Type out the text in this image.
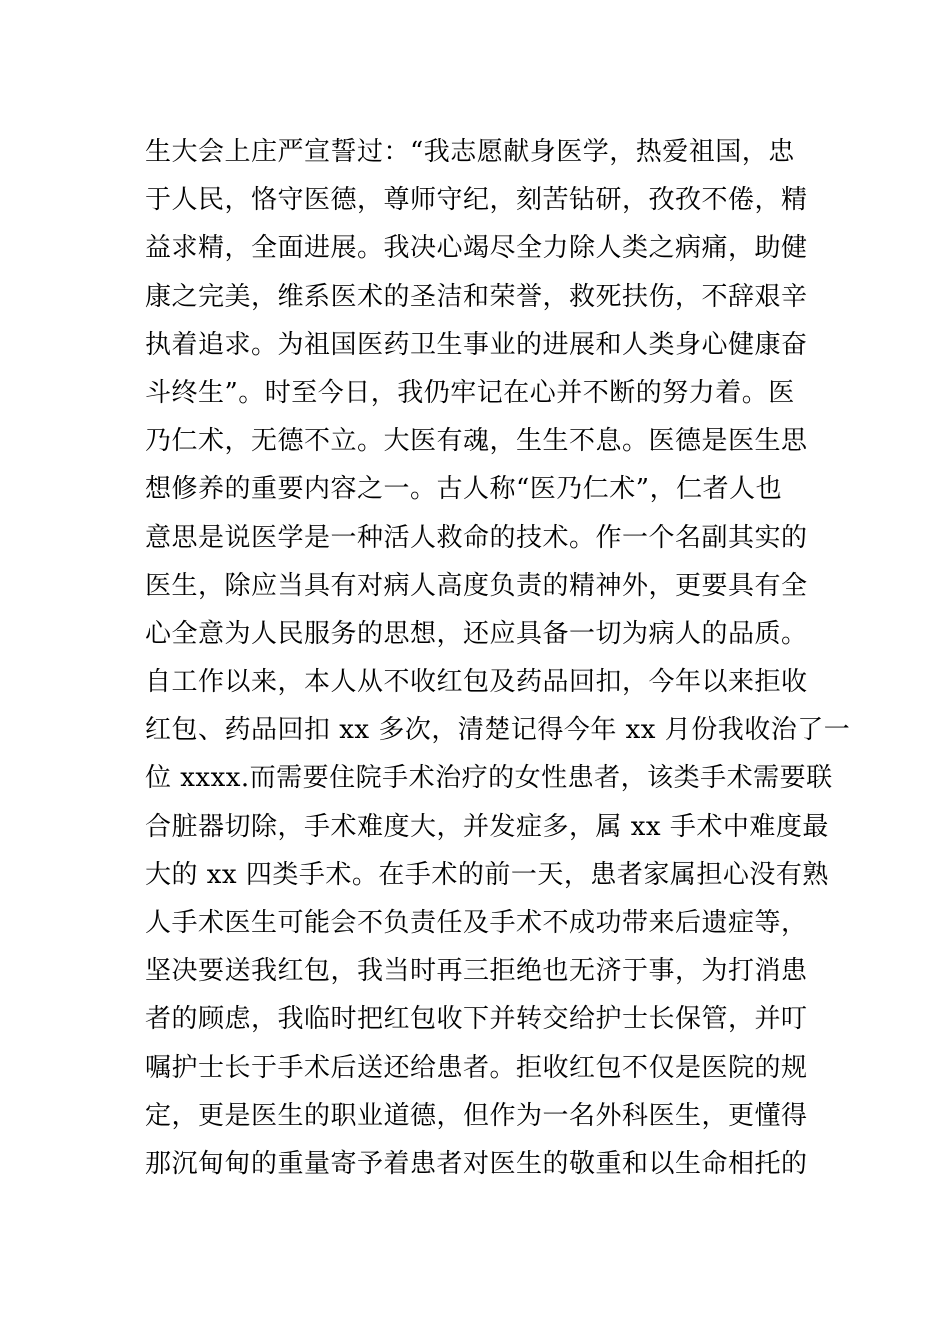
生大会上庄严宣誓过：“我志愿献身医学，热爱祖国，忠
于人民，恪守医德，尊师守纪，刻苦钻研，孜孜不倦，精
益求精，全面进展。我决心竭尽全力除人类之病痛，助健
康之完美，维系医术的圣洁和荣誉，救死扶伤，不辞艰辛
执着追求。为祖国医药卫生事业的进展和人类身心健康奋
斗终生”。时至今日，我仍牢记在心并不断的努力着。医
乃仁术，无德不立。大医有魂，生生不息。医德是医生思
想修养的重要内容之一。古人称“医乃仁术”，仁者人也
意思是说医学是一种活人救命的技术。作一个名副其实的
医生，除应当具有对病人高度负责的精神外，更要具有全
心全意为人民服务的思想，还应具备一切为病人的品质。
自工作以来，本人从不收红包及药品回扣，今年以来拒收
红包、药品回扣 xx 多次，清楚记得今年 xx 月份我收治了一
位 xxxx.而需要住院手术治疗的女性患者，该类手术需要联
合脏器切除，手术难度大，并发症多，属 xx 手术中难度最
大的 xx 四类手术。在手术的前一天，患者家属担心没有熟
人手术医生可能会不负责任及手术不成功带来后遗症等，
坚决要送我红包，我当时再三拒绝也无济于事，为打消患
者的顾虑，我临时把红包收下并转交给护士长保管，并叮
嘱护士长于手术后送还给患者。拒收红包不仅是医院的规
定，更是医生的职业道德，但作为一名外科医生，更懂得
那沉甸甸的重量寄予着患者对医生的敬重和以生命相托的
